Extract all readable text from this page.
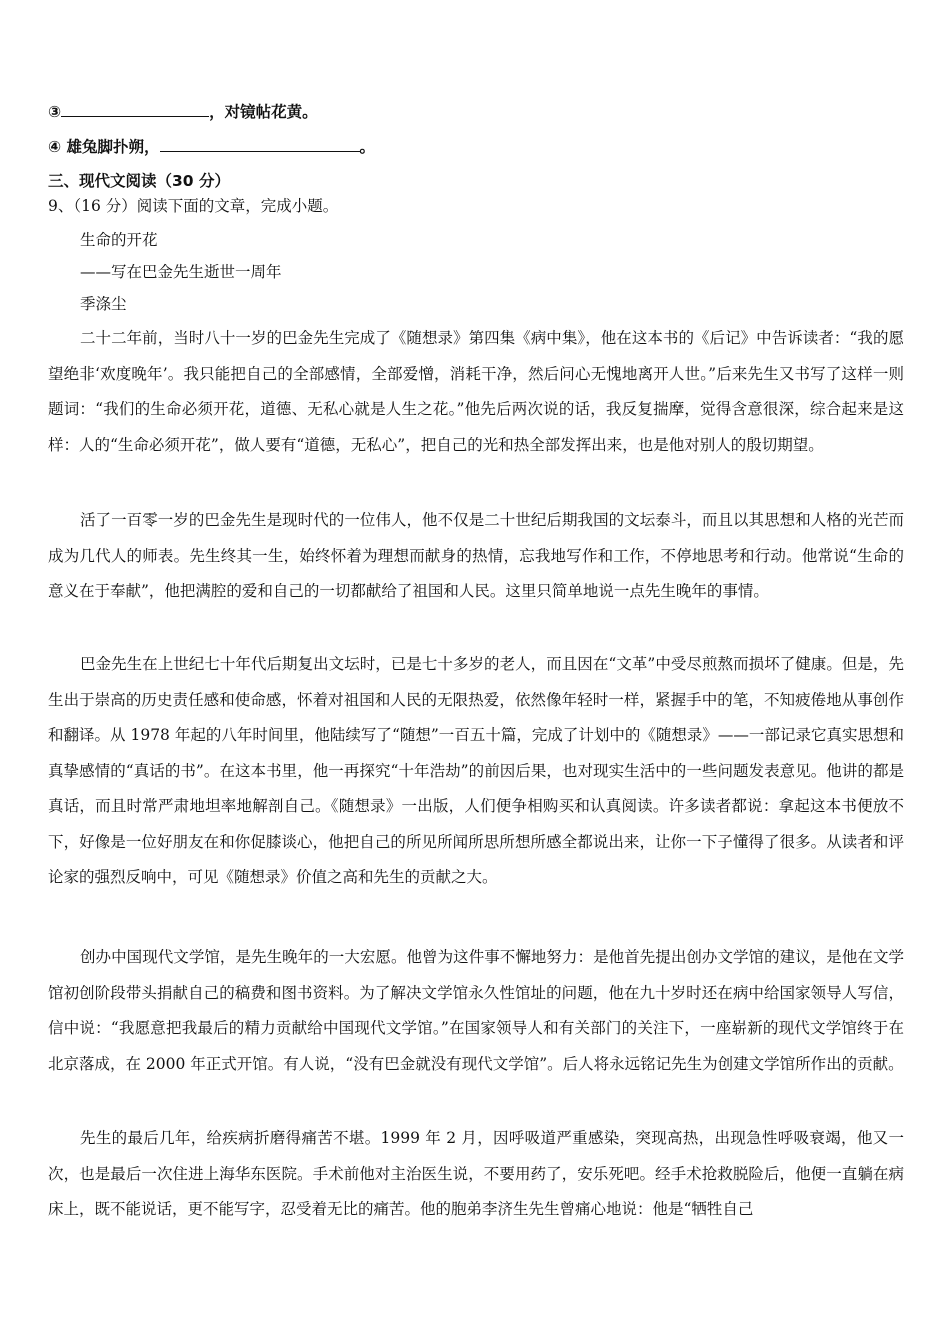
③	，对镜帖花黄。
④ 雄兔脚扑朔，	。
三、现代文阅读（30 分）
9、（16 分）阅读下面的文章，完成小题。
生命的开花
——写在巴金先生逝世一周年
季涤尘
二十二年前，当时八十一岁的巴金先生完成了《随想录》第四集《病中集》，他在这本书的《后记》中告诉读者：“我的愿望绝非‘欢度晚年’。我只能把自己的全部感情，全部爱憎，消耗干净，然后问心无愧地离开人世。”后来先生又书写了这样一则题词：“我们的生命必须开花，道德、无私心就是人生之花。”他先后两次说的话，我反复揣摩，觉得含意很深，综合起来是这样：人的“生命必须开花”，做人要有“道德，无私心”，把自己的光和热全部发挥出来，也是他对别人的殷切期望。
活了一百零一岁的巴金先生是现时代的一位伟人，他不仅是二十世纪后期我国的文坛泰斗，而且以其思想和人格的光芒而成为几代人的师表。先生终其一生，始终怀着为理想而献身的热情，忘我地写作和工作，不停地思考和行动。他常说“生命的意义在于奉献”，他把满腔的爱和自己的一切都献给了祖国和人民。这里只简单地说一点先生晚年的事情。
巴金先生在上世纪七十年代后期复出文坛时，已是七十多岁的老人，而且因在“文革”中受尽煎熬而损坏了健康。但是，先生出于崇高的历史责任感和使命感，怀着对祖国和人民的无限热爱，依然像年轻时一样，紧握手中的笔，不知疲倦地从事创作和翻译。从 1978 年起的八年时间里，他陆续写了“随想”一百五十篇，完成了计划中的《随想录》——一部记录它真实思想和真挚感情的“真话的书”。在这本书里，他一再探究“十年浩劫”的前因后果，也对现实生活中的一些问题发表意见。他讲的都是真话，而且时常严肃地坦率地解剖自己。《随想录》一出版，人们便争相购买和认真阅读。许多读者都说：拿起这本书便放不下，好像是一位好朋友在和你促膝谈心，他把自己的所见所闻所思所想所感全都说出来，让你一下子懂得了很多。从读者和评论家的强烈反响中，可见《随想录》价值之高和先生的贡献之大。
创办中国现代文学馆，是先生晚年的一大宏愿。他曾为这件事不懈地努力：是他首先提出创办文学馆的建议，是他在文学馆初创阶段带头捐献自己的稿费和图书资料。为了解决文学馆永久性馆址的问题，他在九十岁时还在病中给国家领导人写信，信中说：“我愿意把我最后的精力贡献给中国现代文学馆。”在国家领导人和有关部门的关注下，一座崭新的现代文学馆终于在北京落成，在 2000 年正式开馆。有人说，“没有巴金就没有现代文学馆”。后人将永远铭记先生为创建文学馆所作出的贡献。
先生的最后几年，给疾病折磨得痛苦不堪。1999 年 2 月，因呼吸道严重感染，突现高热，出现急性呼吸衰竭，他又一次，也是最后一次住进上海华东医院。手术前他对主治医生说，不要用药了，安乐死吧。经手术抢救脱险后，他便一直躺在病床上，既不能说话，更不能写字，忍受着无比的痛苦。他的胞弟李济生先生曾痛心地说：他是“牺牲自己
